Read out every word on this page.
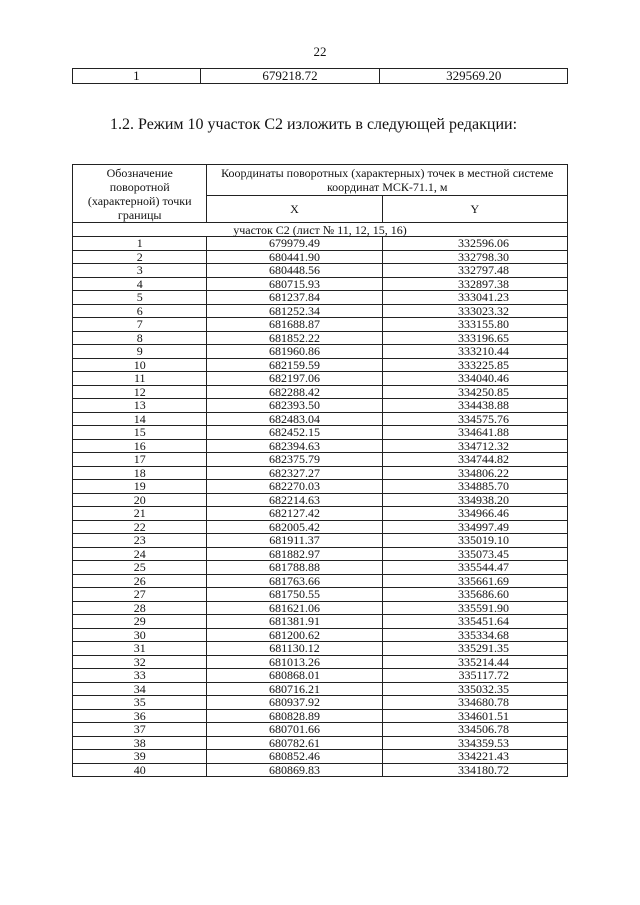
22
1	679218.72	329569.20
1.2. Режим 10 участок С2 изложить в следующей редакции:
Обозначение поворотной (характерной) точки границы	Координаты поворотных (характерных) точек в местной системе координат МСК-71.1, м	
	X	Y
участок С2 (лист № 11, 12, 15, 16)		
1	679979.49	332596.06
2	680441.90	332798.30
3	680448.56	332797.48
4	680715.93	332897.38
5	681237.84	333041.23
6	681252.34	333023.32
7	681688.87	333155.80
8	681852.22	333196.65
9	681960.86	333210.44
10	682159.59	333225.85
11	682197.06	334040.46
12	682288.42	334250.85
13	682393.50	334438.88
14	682483.04	334575.76
15	682452.15	334641.88
16	682394.63	334712.32
17	682375.79	334744.82
18	682327.27	334806.22
19	682270.03	334885.70
20	682214.63	334938.20
21	682127.42	334966.46
22	682005.42	334997.49
23	681911.37	335019.10
24	681882.97	335073.45
25	681788.88	335544.47
26	681763.66	335661.69
27	681750.55	335686.60
28	681621.06	335591.90
29	681381.91	335451.64
30	681200.62	335334.68
31	681130.12	335291.35
32	681013.26	335214.44
33	680868.01	335117.72
34	680716.21	335032.35
35	680937.92	334680.78
36	680828.89	334601.51
37	680701.66	334506.78
38	680782.61	334359.53
39	680852.46	334221.43
40	680869.83	334180.72
